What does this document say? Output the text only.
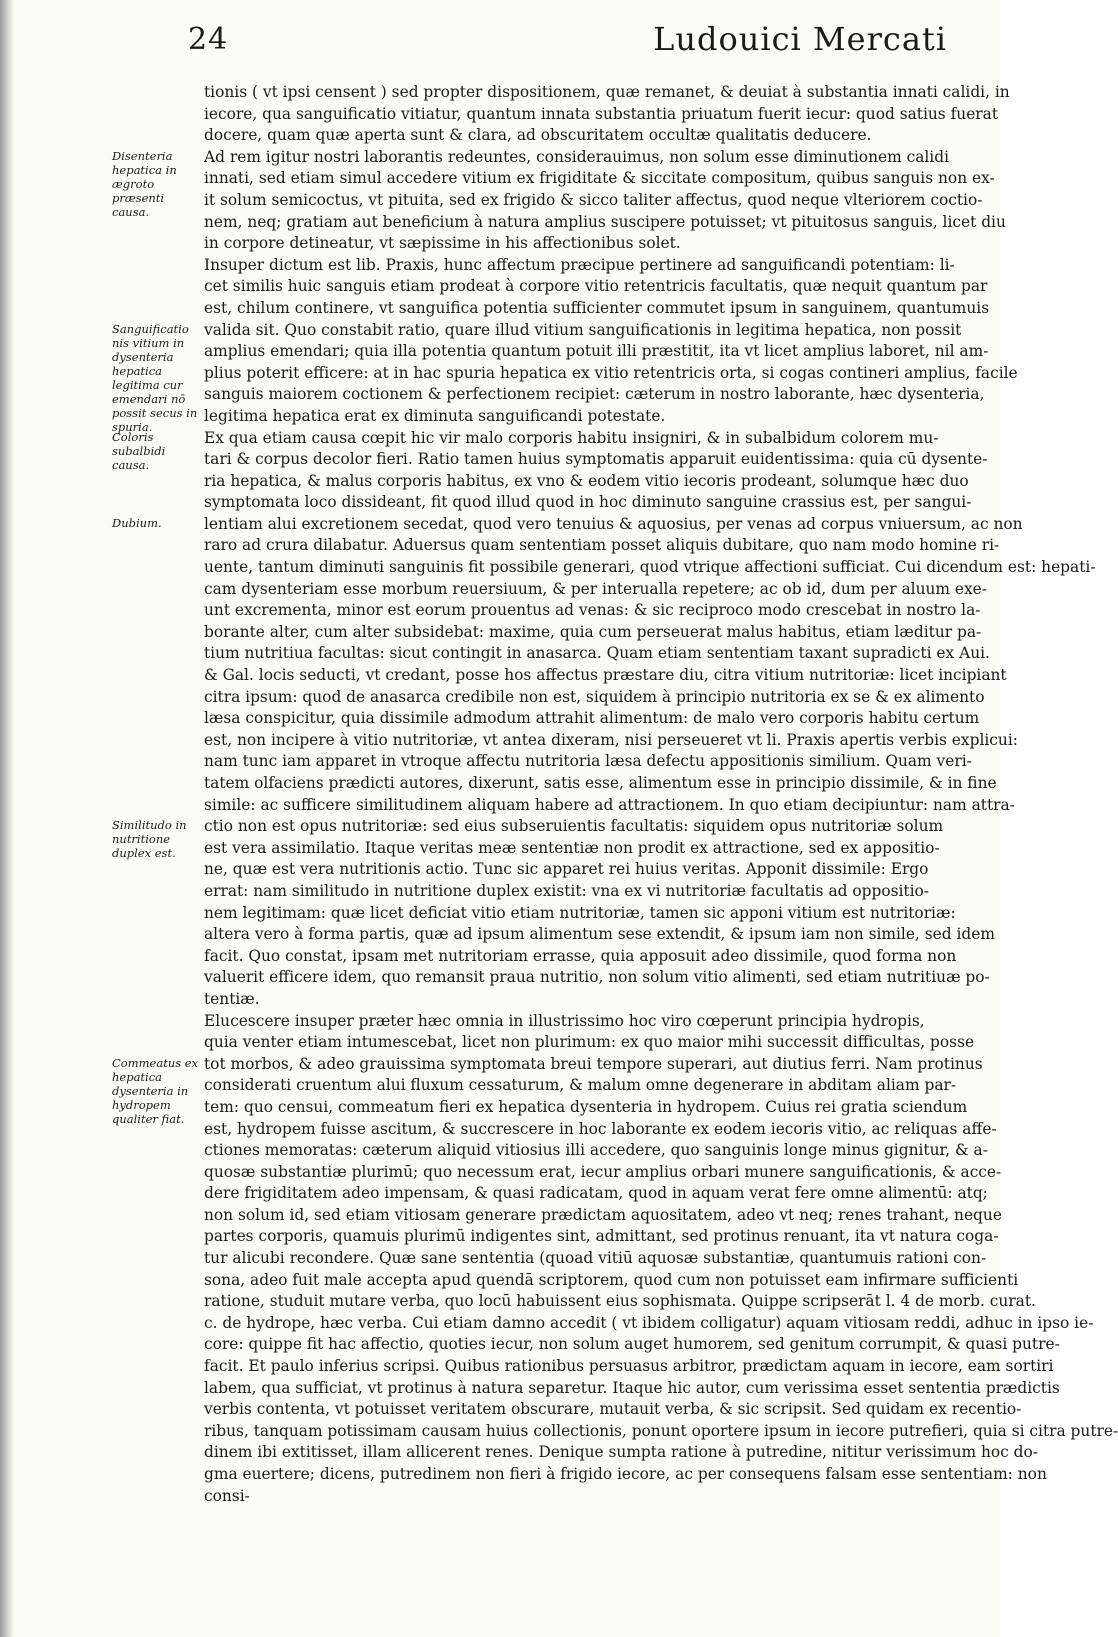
24	Ludouici Mercati
Disenteria hepatica in ægroto præsenti causa.
Sanguificatio nis vitium in dysenteria hepatica legitima cur emendari nō possit secus in spuria.
Coloris subalbidi causa.
Dubium.
Similitudo in nutritione duplex est.
Commeatus ex hepatica dysenteria in hydropem qualiter fiat.
tionis ( vt ipsi censent ) sed propter dispositionem, quæ remanet, & deuiat à substantia innati calidi, in
iecore, qua sanguificatio vitiatur, quantum innata substantia priuatum fuerit iecur: quod satius fuerat
docere, quam quæ aperta sunt & clara, ad obscuritatem occultæ qualitatis deducere.
Ad rem igitur nostri laborantis redeuntes, considerauimus, non solum esse diminutionem calidi
innati, sed etiam simul accedere vitium ex frigiditate & siccitate compositum, quibus sanguis non ex-
it solum semicoctus, vt pituita, sed ex frigido & sicco taliter affectus, quod neque vlteriorem coctio-
nem, neq; gratiam aut beneficium à natura amplius suscipere potuisset; vt pituitosus sanguis, licet diu
in corpore detineatur, vt sæpissime in his affectionibus solet.
Insuper dictum est lib. Praxis, hunc affectum præcipue pertinere ad sanguificandi potentiam: li-
cet similis huic sanguis etiam prodeat à corpore vitio retentricis facultatis, quæ nequit quantum par
est, chilum continere, vt sanguifica potentia sufficienter commutet ipsum in sanguinem, quantumuis
valida sit. Quo constabit ratio, quare illud vitium sanguificationis in legitima hepatica, non possit
amplius emendari; quia illa potentia quantum potuit illi præstitit, ita vt licet amplius laboret, nil am-
plius poterit efficere: at in hac spuria hepatica ex vitio retentricis orta, si cogas contineri amplius, facile
sanguis maiorem coctionem & perfectionem recipiet: cæterum in nostro laborante, hæc dysenteria,
legitima hepatica erat ex diminuta sanguificandi potestate.
Ex qua etiam causa cœpit hic vir malo corporis habitu insigniri, & in subalbidum colorem mu-
tari & corpus decolor fieri. Ratio tamen huius symptomatis apparuit euidentissima: quia cū dysente-
ria hepatica, & malus corporis habitus, ex vno & eodem vitio iecoris prodeant, solumque hæc duo
symptomata loco dissideant, fit quod illud quod in hoc diminuto sanguine crassius est, per sangui-
lentiam alui excretionem secedat, quod vero tenuius & aquosius, per venas ad corpus vniuersum, ac non
raro ad crura dilabatur. Aduersus quam sententiam posset aliquis dubitare, quo nam modo homine ri-
uente, tantum diminuti sanguinis fit possibile generari, quod vtrique affectioni sufficiat. Cui dicendum est: hepati-
cam dysenteriam esse morbum reuersiuum, & per interualla repetere; ac ob id, dum per aluum exe-
unt excrementa, minor est eorum prouentus ad venas: & sic reciproco modo crescebat in nostro la-
borante alter, cum alter subsidebat: maxime, quia cum perseuerat malus habitus, etiam læditur pa-
tium nutritiua facultas: sicut contingit in anasarca. Quam etiam sententiam taxant supradicti ex Aui.
& Gal. locis seducti, vt credant, posse hos affectus præstare diu, citra vitium nutritoriæ: licet incipiant
citra ipsum: quod de anasarca credibile non est, siquidem à principio nutritoria ex se & ex alimento
læsa conspicitur, quia dissimile admodum attrahit alimentum: de malo vero corporis habitu certum
est, non incipere à vitio nutritoriæ, vt antea dixeram, nisi perseueret vt li. Praxis apertis verbis explicui:
nam tunc iam apparet in vtroque affectu nutritoria læsa defectu appositionis similium. Quam veri-
tatem olfaciens prædicti autores, dixerunt, satis esse, alimentum esse in principio dissimile, & in fine
simile: ac sufficere similitudinem aliquam habere ad attractionem. In quo etiam decipiuntur: nam attra-
ctio non est opus nutritoriæ: sed eius subseruientis facultatis: siquidem opus nutritoriæ solum
est vera assimilatio. Itaque veritas meæ sententiæ non prodit ex attractione, sed ex appositio-
ne, quæ est vera nutritionis actio. Tunc sic apparet rei huius veritas. Apponit dissimile: Ergo
errat: nam similitudo in nutritione duplex existit: vna ex vi nutritoriæ facultatis ad oppositio-
nem legitimam: quæ licet deficiat vitio etiam nutritoriæ, tamen sic apponi vitium est nutritoriæ:
altera vero à forma partis, quæ ad ipsum alimentum sese extendit, & ipsum iam non simile, sed idem
facit. Quo constat, ipsam met nutritoriam errasse, quia apposuit adeo dissimile, quod forma non
valuerit efficere idem, quo remansit praua nutritio, non solum vitio alimenti, sed etiam nutritiuæ po-
tentiæ.
Elucescere insuper præter hæc omnia in illustrissimo hoc viro cœperunt principia hydropis,
quia venter etiam intumescebat, licet non plurimum: ex quo maior mihi successit difficultas, posse
tot morbos, & adeo grauissima symptomata breui tempore superari, aut diutius ferri. Nam protinus
considerati cruentum alui fluxum cessaturum, & malum omne degenerare in abditam aliam par-
tem: quo censui, commeatum fieri ex hepatica dysenteria in hydropem. Cuius rei gratia sciendum
est, hydropem fuisse ascitum, & succrescere in hoc laborante ex eodem iecoris vitio, ac reliquas affe-
ctiones memoratas: cæterum aliquid vitiosius illi accedere, quo sanguinis longe minus gignitur, & a-
quosæ substantiæ plurimū; quo necessum erat, iecur amplius orbari munere sanguificationis, & acce-
dere frigiditatem adeo impensam, & quasi radicatam, quod in aquam verat fere omne alimentū: atq;
non solum id, sed etiam vitiosam generare prædictam aquositatem, adeo vt neq; renes trahant, neque
partes corporis, quamuis plurimū indigentes sint, admittant, sed protinus renuant, ita vt natura coga-
tur alicubi recondere. Quæ sane sententia (quoad vitiū aquosæ substantiæ, quantumuis rationi con-
sona, adeo fuit male accepta apud quendā scriptorem, quod cum non potuisset eam infirmare sufficienti
ratione, studuit mutare verba, quo locū habuissent eius sophismata. Quippe scripserāt l. 4 de morb. curat.
c. de hydrope, hæc verba. Cui etiam damno accedit ( vt ibidem colligatur) aquam vitiosam reddi, adhuc in ipso ie-
core: quippe fit hac affectio, quoties iecur, non solum auget humorem, sed genitum corrumpit, & quasi putre-
facit. Et paulo inferius scripsi. Quibus rationibus persuasus arbitror, prædictam aquam in iecore, eam sortiri
labem, qua sufficiat, vt protinus à natura separetur. Itaque hic autor, cum verissima esset sententia prædictis
verbis contenta, vt potuisset veritatem obscurare, mutauit verba, & sic scripsit. Sed quidam ex recentio-
ribus, tanquam potissimam causam huius collectionis, ponunt oportere ipsum in iecore putrefieri, quia si citra putre-
dinem ibi extitisset, illam allicerent renes. Denique sumpta ratione à putredine, nititur verissimum hoc do-
gma euertere; dicens, putredinem non fieri à frigido iecore, ac per consequens falsam esse sententiam: non
consi-
